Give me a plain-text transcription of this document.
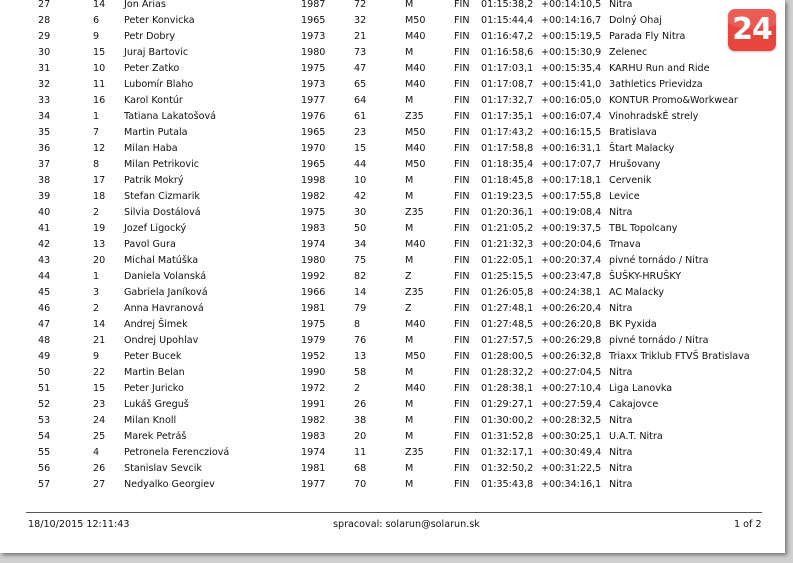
27	14 Jon Arias	1987	72	M	FIN 01:15:38,2 +00:14:10,5 Nitra
28	6	Peter Konvicka	1965	32	M50	FIN 01:15:44,4 +00:14:16,7 Dolný Ohaj
29	9	Petr Dobry	1973	21	M40	FIN 01:16:47,2 +00:15:19,5 Parada Fly Nitra
30	15 Juraj Bartovic	1980	73	M	FIN 01:16:58,6 +00:15:30,9 Zelenec
31	10 Peter Zatko	1975	47	M40	FIN 01:17:03,1 +00:15:35,4 KARHU Run and Ride
32	11 Lubomír Blaho	1973	65	M40	FIN 01:17:08,7 +00:15:41,0 3athletics Prievidza
33	16 Karol Kontúr	1977	64	M	FIN 01:17:32,7 +00:16:05,0 KONTUR Promo&Workwear
34	1	Tatiana Lakatošová	1976	61	Z35	FIN 01:17:35,1 +00:16:07,4 VinohradskÉ strely
35	7	Martin Putala	1965	23	M50	FIN 01:17:43,2 +00:16:15,5 Bratislava
36	12 Milan Haba	1970	15	M40	FIN 01:17:58,8 +00:16:31,1 Štart Malacky
37	8	Milan Petrikovic	1965	44	M50	FIN 01:18:35,4 +00:17:07,7 Hrušovany
38	17 Patrik Mokrý	1998	10	M	FIN 01:18:45,8 +00:17:18,1 Cervenik
39	18 Stefan Cizmarik	1982	42	M	FIN 01:19:23,5 +00:17:55,8 Levice
40	2	Silvia Dostálová	1975	30	Z35	FIN 01:20:36,1 +00:19:08,4 Nitra
41	19 Jozef Ligocký	1983	50	M	FIN 01:21:05,2 +00:19:37,5 TBL Topolcany
42	13 Pavol Gura	1974	34	M40	FIN 01:21:32,3 +00:20:04,6 Trnava
43	20 Michal Matúška	1980	75	M	FIN 01:22:05,1 +00:20:37,4 pivné tornádo / Nitra
44	1	Daniela Volanská	1992	82	Z	FIN 01:25:15,5 +00:23:47,8 ŠUŠKY-HRUŠKY
45	3	Gabriela Janíková	1966	14	Z35	FIN 01:26:05,8 +00:24:38,1 AC Malacky
46	2	Anna Havranová	1981	79	Z	FIN 01:27:48,1 +00:26:20,4 Nitra
47	14 Andrej Šimek	1975	8	M40	FIN 01:27:48,5 +00:26:20,8 BK Pyxida
48	21 Ondrej Upohlav	1979	76	M	FIN 01:27:57,5 +00:26:29,8 pivné tornádo / Nitra
49	9	Peter Bucek	1952	13	M50	FIN 01:28:00,5 +00:26:32,8 Triaxx Triklub FTVŠ Bratislava
50	22 Martin Belan	1990	58	M	FIN 01:28:32,2 +00:27:04,5 Nitra
51	15 Peter Juricko	1972	2	M40	FIN 01:28:38,1 +00:27:10,4 Liga Lanovka
52	23 Lukáš Greguš	1991	26	M	FIN 01:29:27,1 +00:27:59,4 Cakajovce
53	24 Milan Knoll	1982	38	M	FIN 01:30:00,2 +00:28:32,5 Nitra
54	25 Marek Petráš	1983	20	M	FIN 01:31:52,8 +00:30:25,1 U.A.T. Nitra
55	4	Petronela Ferencziová	1974	11	Z35	FIN 01:32:17,1 +00:30:49,4 Nitra
56	26 Stanislav Sevcik	1981	68	M	FIN 01:32:50,2 +00:31:22,5 Nitra
57	27 Nedyalko Georgiev	1977	70	M	FIN 01:35:43,8 +00:34:16,1 Nitra
24
18/10/2015 12:11:43	spracoval: solarun@solarun.sk	1 of 2
